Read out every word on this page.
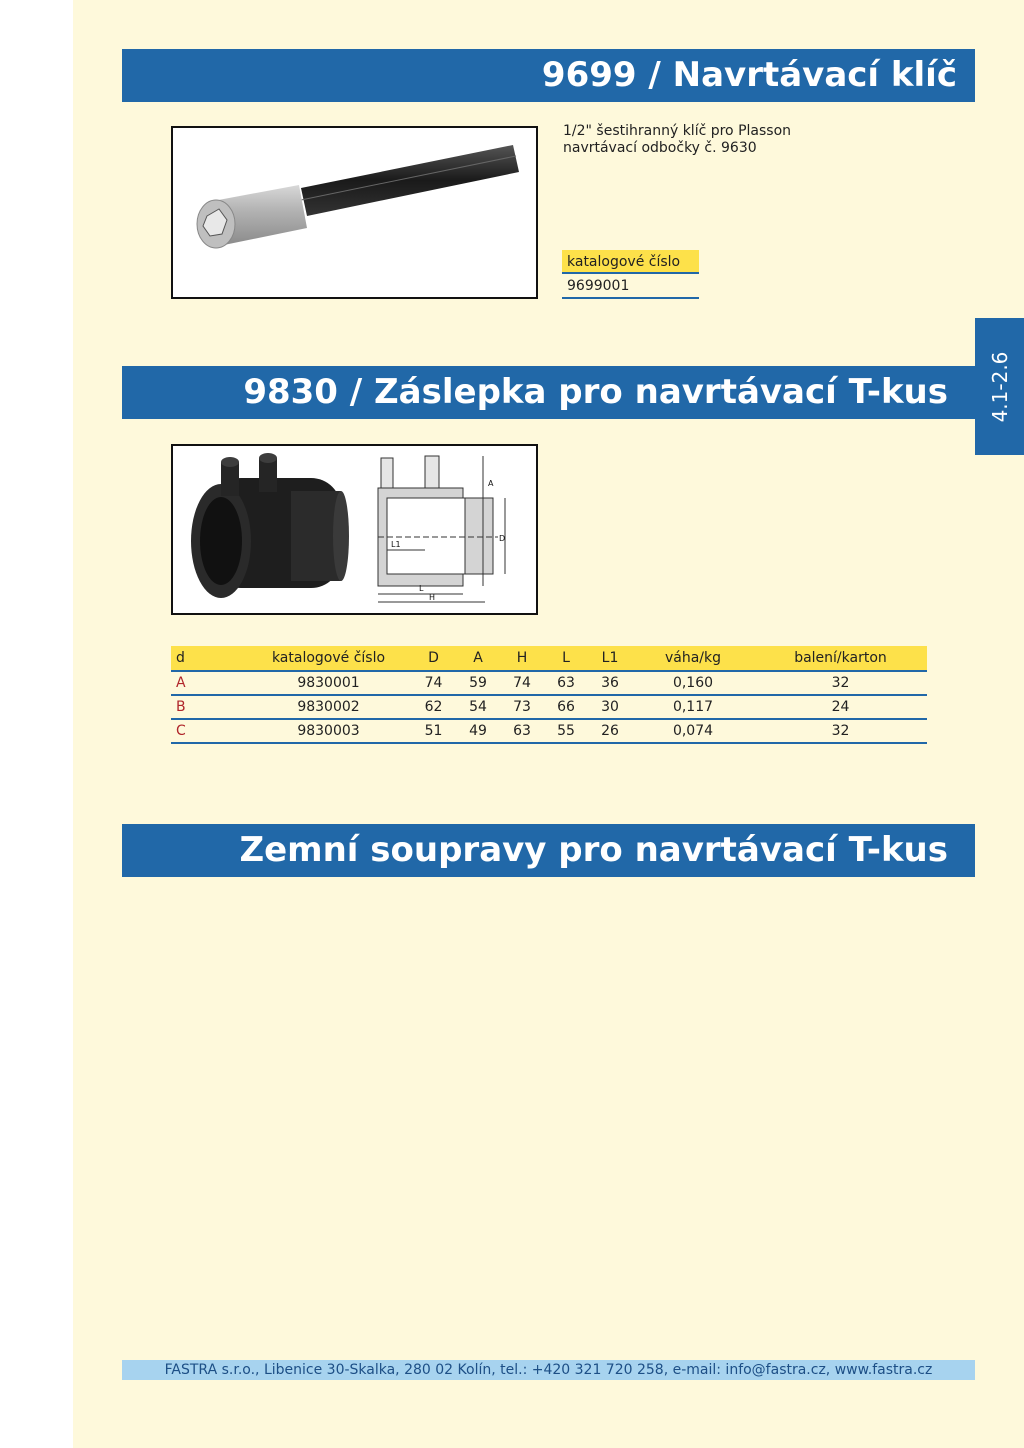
9699 / Navrtávací klíč
1/2" šestihranný klíč pro Plasson
navrtávací odbočky č. 9630
katalogové číslo
9699001
4.1-2.6
9830 / Záslepka pro navrtávací T-kus
L1
L
H
A
D
d	katalogové číslo	D	A	H	L	L1	váha/kg	balení/karton
A	9830001	74	59	74	63	36	0,160	32
B	9830002	62	54	73	66	30	0,117	24
C	9830003	51	49	63	55	26	0,074	32
Zemní soupravy pro navrtávací T-kus
FASTRA s.r.o., Libenice 30-Skalka, 280 02 Kolín, tel.: +420 321 720 258, e-mail: info@fastra.cz, www.fastra.cz
